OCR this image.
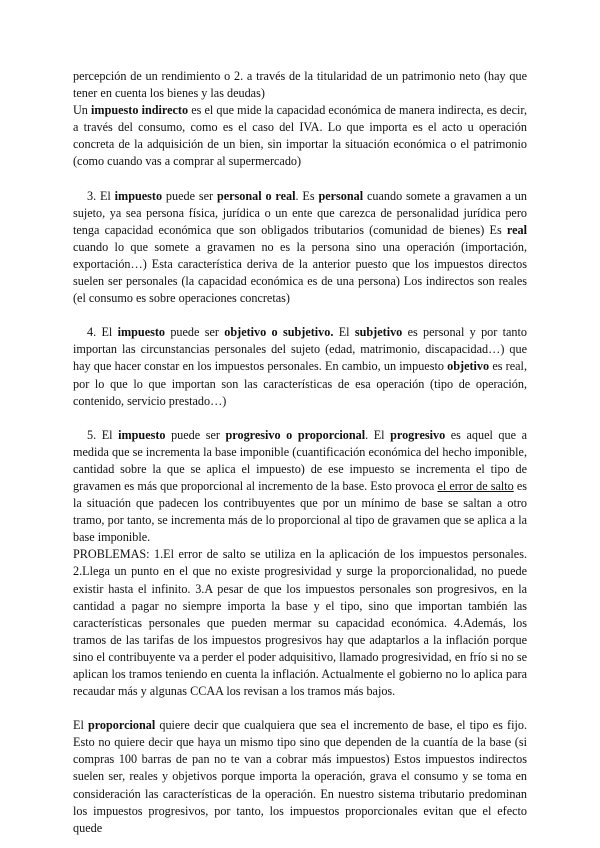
percepción de un rendimiento o 2. a través de la titularidad de un patrimonio neto (hay que tener en cuenta los bienes y las deudas)

Un impuesto indirecto es el que mide la capacidad económica de manera indirecta, es decir, a través del consumo, como es el caso del IVA. Lo que importa es el acto u operación concreta de la adquisición de un bien, sin importar la situación económica o el patrimonio (como cuando vas a comprar al supermercado)

3. El impuesto puede ser personal o real. Es personal cuando somete a gravamen a un sujeto, ya sea persona física, jurídica o un ente que carezca de personalidad jurídica pero tenga capacidad económica que son obligados tributarios (comunidad de bienes) Es real cuando lo que somete a gravamen no es la persona sino una operación (importación, exportación…) Esta característica deriva de la anterior puesto que los impuestos directos suelen ser personales (la capacidad económica es de una persona) Los indirectos son reales (el consumo es sobre operaciones concretas)

4. El impuesto puede ser objetivo o subjetivo. El subjetivo es personal y por tanto importan las circunstancias personales del sujeto (edad, matrimonio, discapacidad…) que hay que hacer constar en los impuestos personales. En cambio, un impuesto objetivo es real, por lo que lo que importan son las características de esa operación (tipo de operación, contenido, servicio prestado…)

5. El impuesto puede ser progresivo o proporcional. El progresivo es aquel que a medida que se incrementa la base imponible (cuantificación económica del hecho imponible, cantidad sobre la que se aplica el impuesto) de ese impuesto se incrementa el tipo de gravamen es más que proporcional al incremento de la base. Esto provoca el error de salto es la situación que padecen los contribuyentes que por un mínimo de base se saltan a otro tramo, por tanto, se incrementa más de lo proporcional al tipo de gravamen que se aplica a la base imponible.

PROBLEMAS: 1.El error de salto se utiliza en la aplicación de los impuestos personales. 2.Llega un punto en el que no existe progresividad y surge la proporcionalidad, no puede existir hasta el infinito. 3.A pesar de que los impuestos personales son progresivos, en la cantidad a pagar no siempre importa la base y el tipo, sino que importan también las características personales que pueden mermar su capacidad económica. 4.Además, los tramos de las tarifas de los impuestos progresivos hay que adaptarlos a la inflación porque sino el contribuyente va a perder el poder adquisitivo, llamado progresividad, en frío si no se aplican los tramos teniendo en cuenta la inflación. Actualmente el gobierno no lo aplica para recaudar más y algunas CCAA los revisan a los tramos más bajos.

El proporcional quiere decir que cualquiera que sea el incremento de base, el tipo es fijo. Esto no quiere decir que haya un mismo tipo sino que dependen de la cuantía de la base (si compras 100 barras de pan no te van a cobrar más impuestos) Estos impuestos indirectos suelen ser, reales y objetivos porque importa la operación, grava el consumo y se toma en consideración las características de la operación. En nuestro sistema tributario predominan los impuestos progresivos, por tanto, los impuestos proporcionales evitan que el efecto quede
